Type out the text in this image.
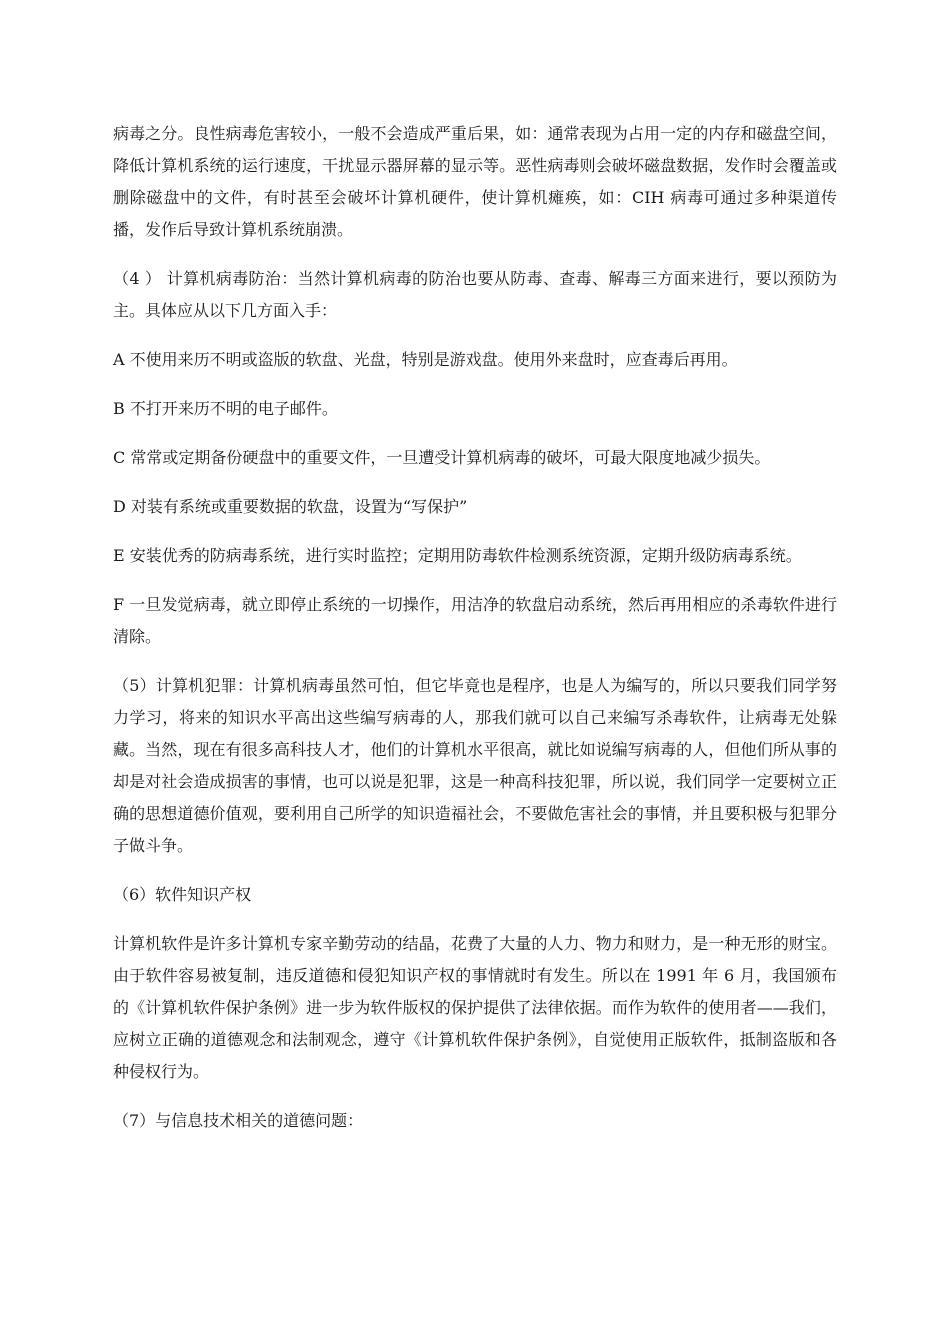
病毒之分。良性病毒危害较小，一般不会造成严重后果，如：通常表现为占用一定的内存和磁盘空间，降低计算机系统的运行速度，干扰显示器屏幕的显示等。恶性病毒则会破坏磁盘数据，发作时会覆盖或删除磁盘中的文件，有时甚至会破坏计算机硬件，使计算机瘫痪，如：CIH 病毒可通过多种渠道传播，发作后导致计算机系统崩溃。

（4 ） 计算机病毒防治：当然计算机病毒的防治也要从防毒、查毒、解毒三方面来进行，要以预防为主。具体应从以下几方面入手：

A 不使用来历不明或盗版的软盘、光盘，特别是游戏盘。使用外来盘时，应查毒后再用。

B 不打开来历不明的电子邮件。

C 常常或定期备份硬盘中的重要文件，一旦遭受计算机病毒的破坏，可最大限度地减少损失。

D 对装有系统或重要数据的软盘，设置为“写保护”

E 安装优秀的防病毒系统，进行实时监控；定期用防毒软件检测系统资源，定期升级防病毒系统。

F 一旦发觉病毒，就立即停止系统的一切操作，用洁净的软盘启动系统，然后再用相应的杀毒软件进行清除。

（5）计算机犯罪：计算机病毒虽然可怕，但它毕竟也是程序，也是人为编写的，所以只要我们同学努力学习，将来的知识水平高出这些编写病毒的人，那我们就可以自己来编写杀毒软件，让病毒无处躲藏。当然，现在有很多高科技人才，他们的计算机水平很高，就比如说编写病毒的人，但他们所从事的却是对社会造成损害的事情，也可以说是犯罪，这是一种高科技犯罪，所以说，我们同学一定要树立正确的思想道德价值观，要利用自己所学的知识造福社会，不要做危害社会的事情，并且要积极与犯罪分子做斗争。

（6）软件知识产权

计算机软件是许多计算机专家辛勤劳动的结晶，花费了大量的人力、物力和财力，是一种无形的财宝。由于软件容易被复制，违反道德和侵犯知识产权的事情就时有发生。所以在 1991 年 6 月，我国颁布的《计算机软件保护条例》进一步为软件版权的保护提供了法律依据。而作为软件的使用者——我们，应树立正确的道德观念和法制观念，遵守《计算机软件保护条例》，自觉使用正版软件，抵制盗版和各种侵权行为。

（7）与信息技术相关的道德问题：
